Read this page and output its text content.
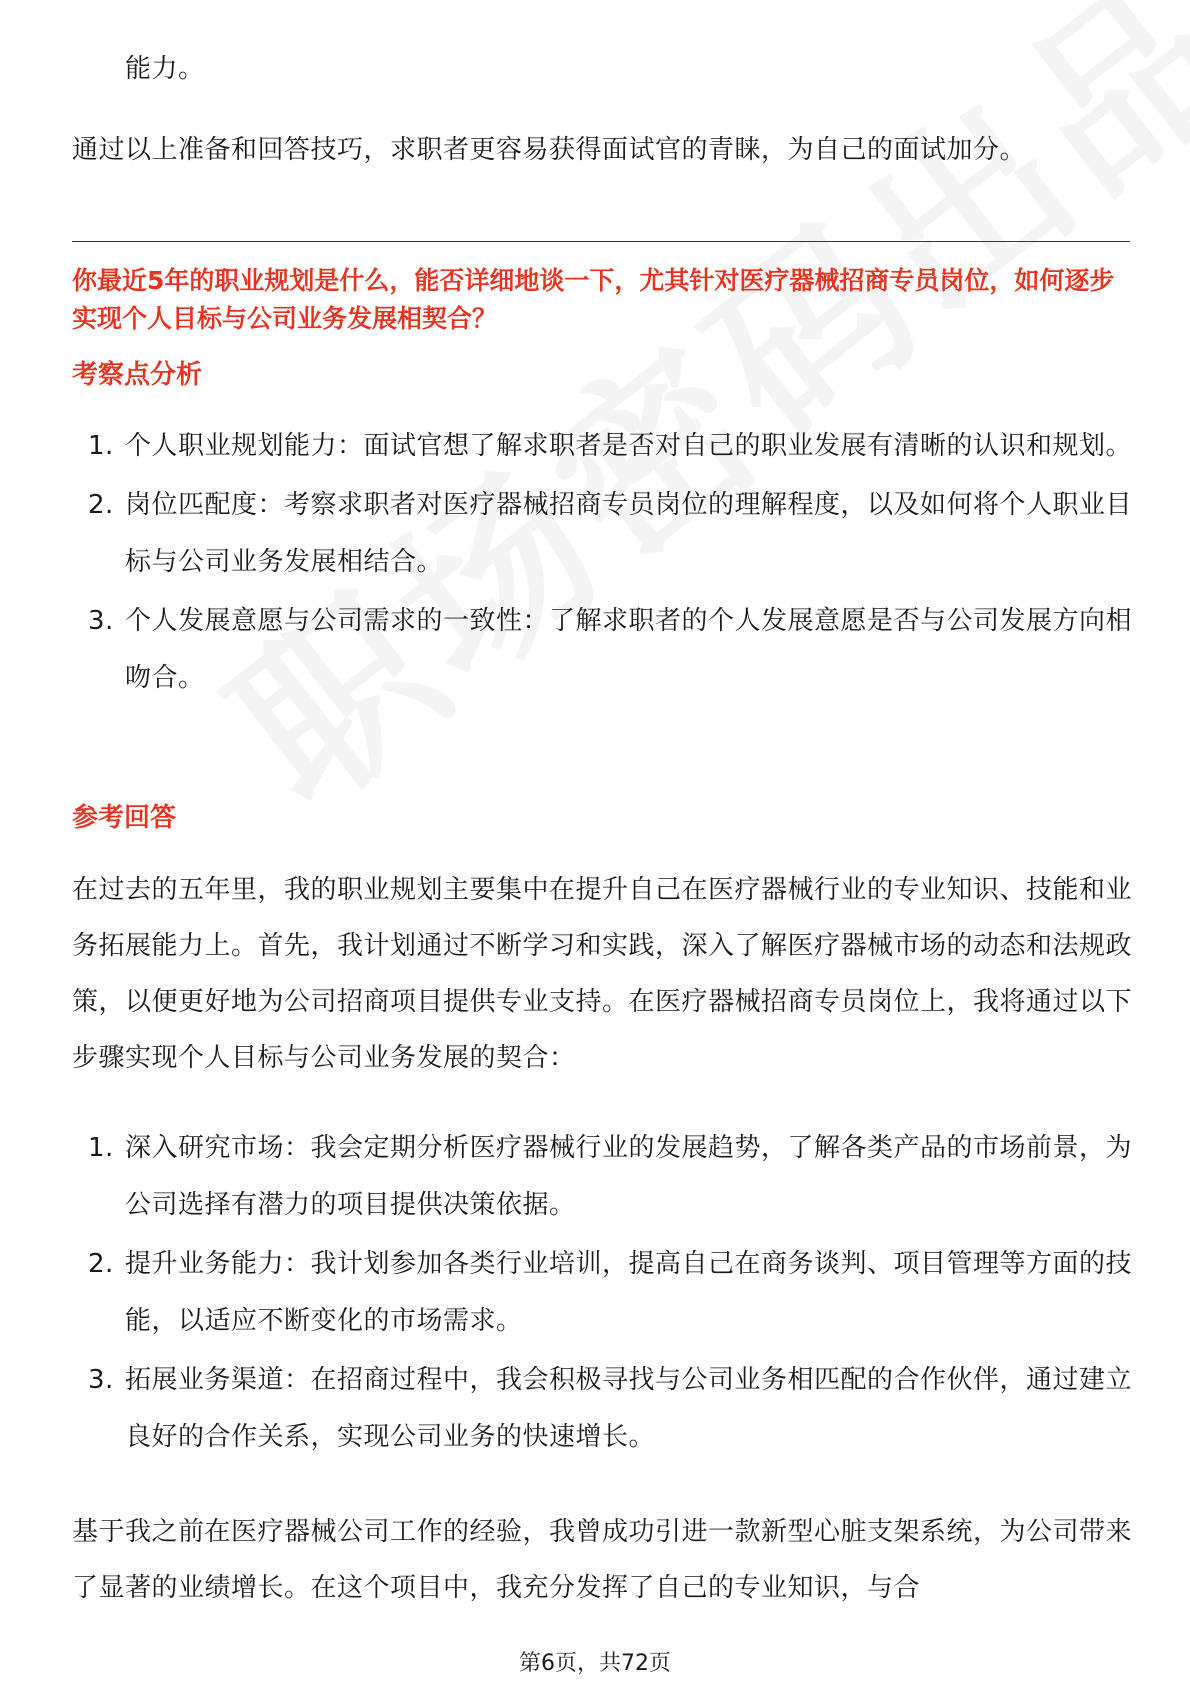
能力。

通过以上准备和回答技巧，求职者更容易获得面试官的青睐，为自己的面试加分。

你最近5年的职业规划是什么，能否详细地谈一下，尤其针对医疗器械招商专员岗位，如何逐步实现个人目标与公司业务发展相契合？

考察点分析

1. 个人职业规划能力：面试官想了解求职者是否对自己的职业发展有清晰的认识和规划。
2. 岗位匹配度：考察求职者对医疗器械招商专员岗位的理解程度，以及如何将个人职业目标与公司业务发展相结合。
3. 个人发展意愿与公司需求的一致性：了解求职者的个人发展意愿是否与公司发展方向相吻合。

参考回答

在过去的五年里，我的职业规划主要集中在提升自己在医疗器械行业的专业知识、技能和业务拓展能力上。首先，我计划通过不断学习和实践，深入了解医疗器械市场的动态和法规政策，以便更好地为公司招商项目提供专业支持。在医疗器械招商专员岗位上，我将通过以下步骤实现个人目标与公司业务发展的契合：

1. 深入研究市场：我会定期分析医疗器械行业的发展趋势，了解各类产品的市场前景，为公司选择有潜力的项目提供决策依据。
2. 提升业务能力：我计划参加各类行业培训，提高自己在商务谈判、项目管理等方面的技能，以适应不断变化的市场需求。
3. 拓展业务渠道：在招商过程中，我会积极寻找与公司业务相匹配的合作伙伴，通过建立良好的合作关系，实现公司业务的快速增长。

基于我之前在医疗器械公司工作的经验，我曾成功引进一款新型心脏支架系统，为公司带来了显著的业绩增长。在这个项目中，我充分发挥了自己的专业知识，与合

第6页，共72页
